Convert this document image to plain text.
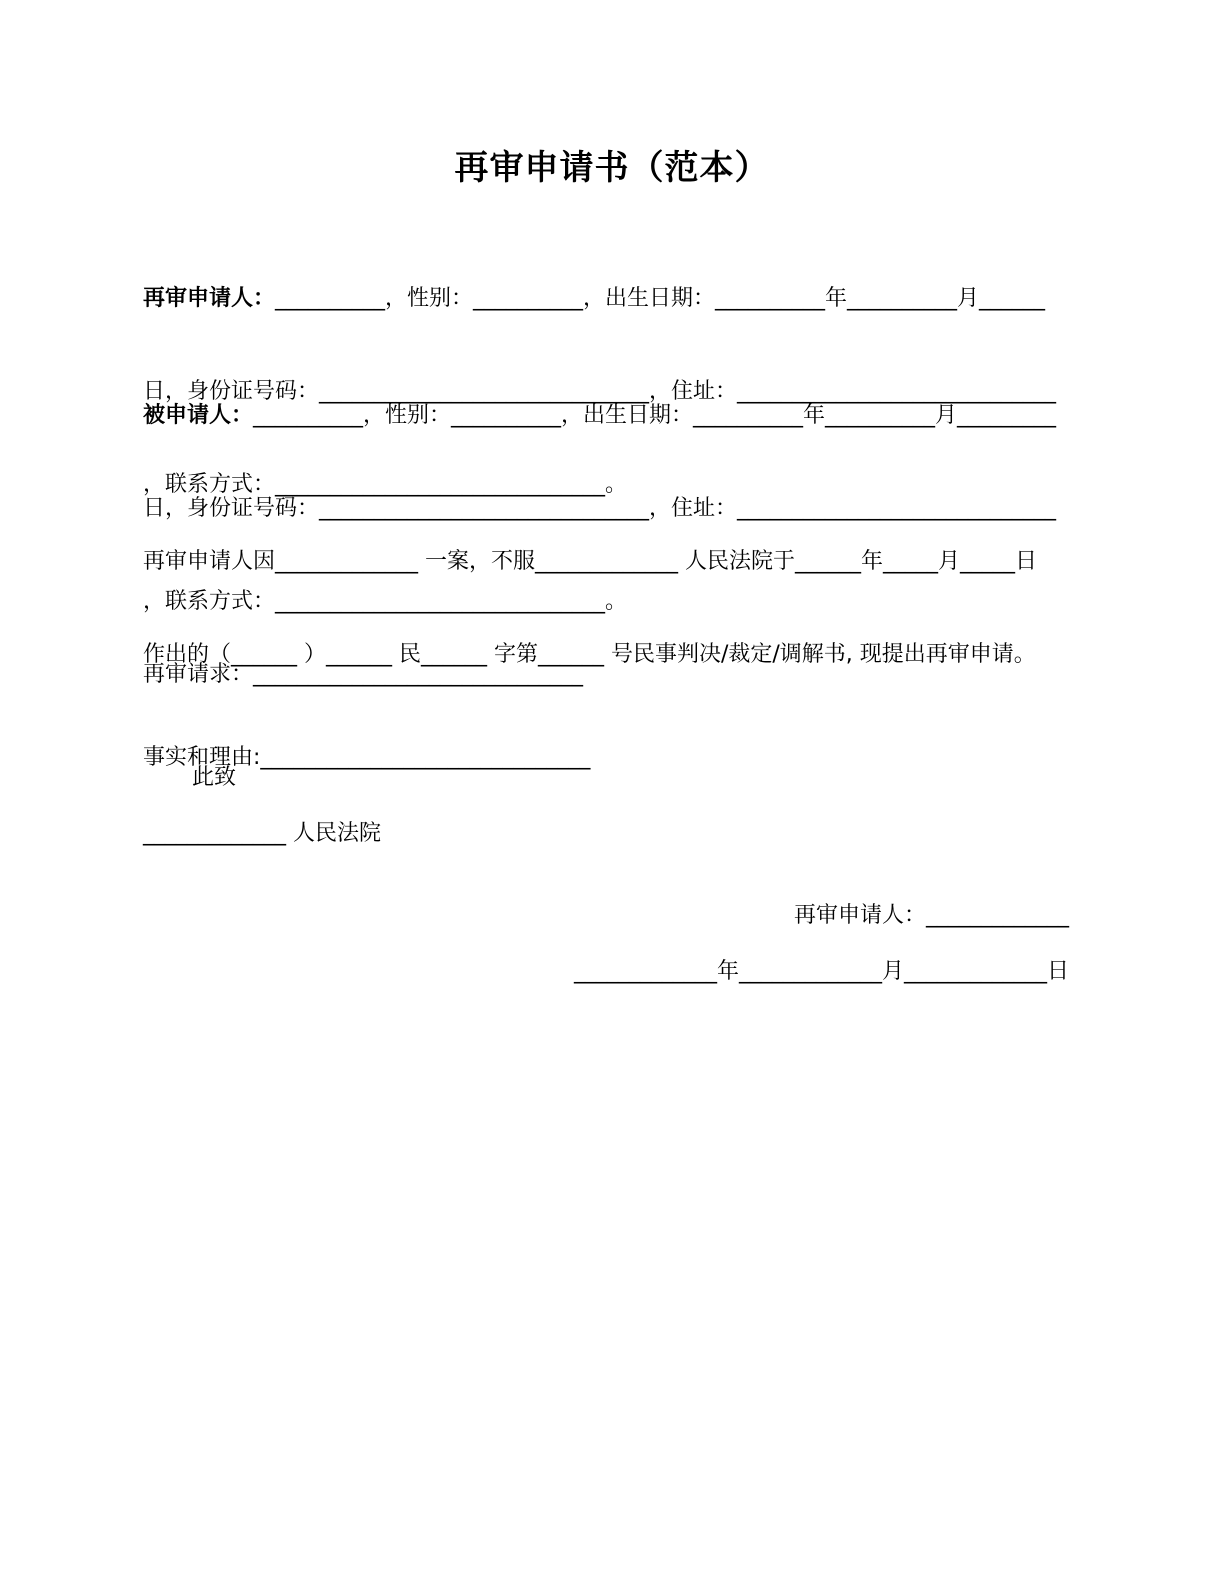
再审申请书（范本）

再审申请人：__________，性别：__________，出生日期：__________年__________月______

日，身份证号码：______________________________，住址：_____________________________

，联系方式：______________________________。

被申请人：__________，性别：__________，出生日期：__________年__________月_________

日，身份证号码：______________________________，住址：_____________________________

，联系方式：______________________________。

再审申请人因_____________ 一案，不服_____________ 人民法院于______年_____月_____日

作出的（______ ）______ 民______ 字第______ 号民事判决/裁定/调解书, 现提出再审申请。

再审请求：______________________________

事实和理由:______________________________

此致
_____________ 人民法院
再审申请人：_____________
_____________年_____________月_____________日
